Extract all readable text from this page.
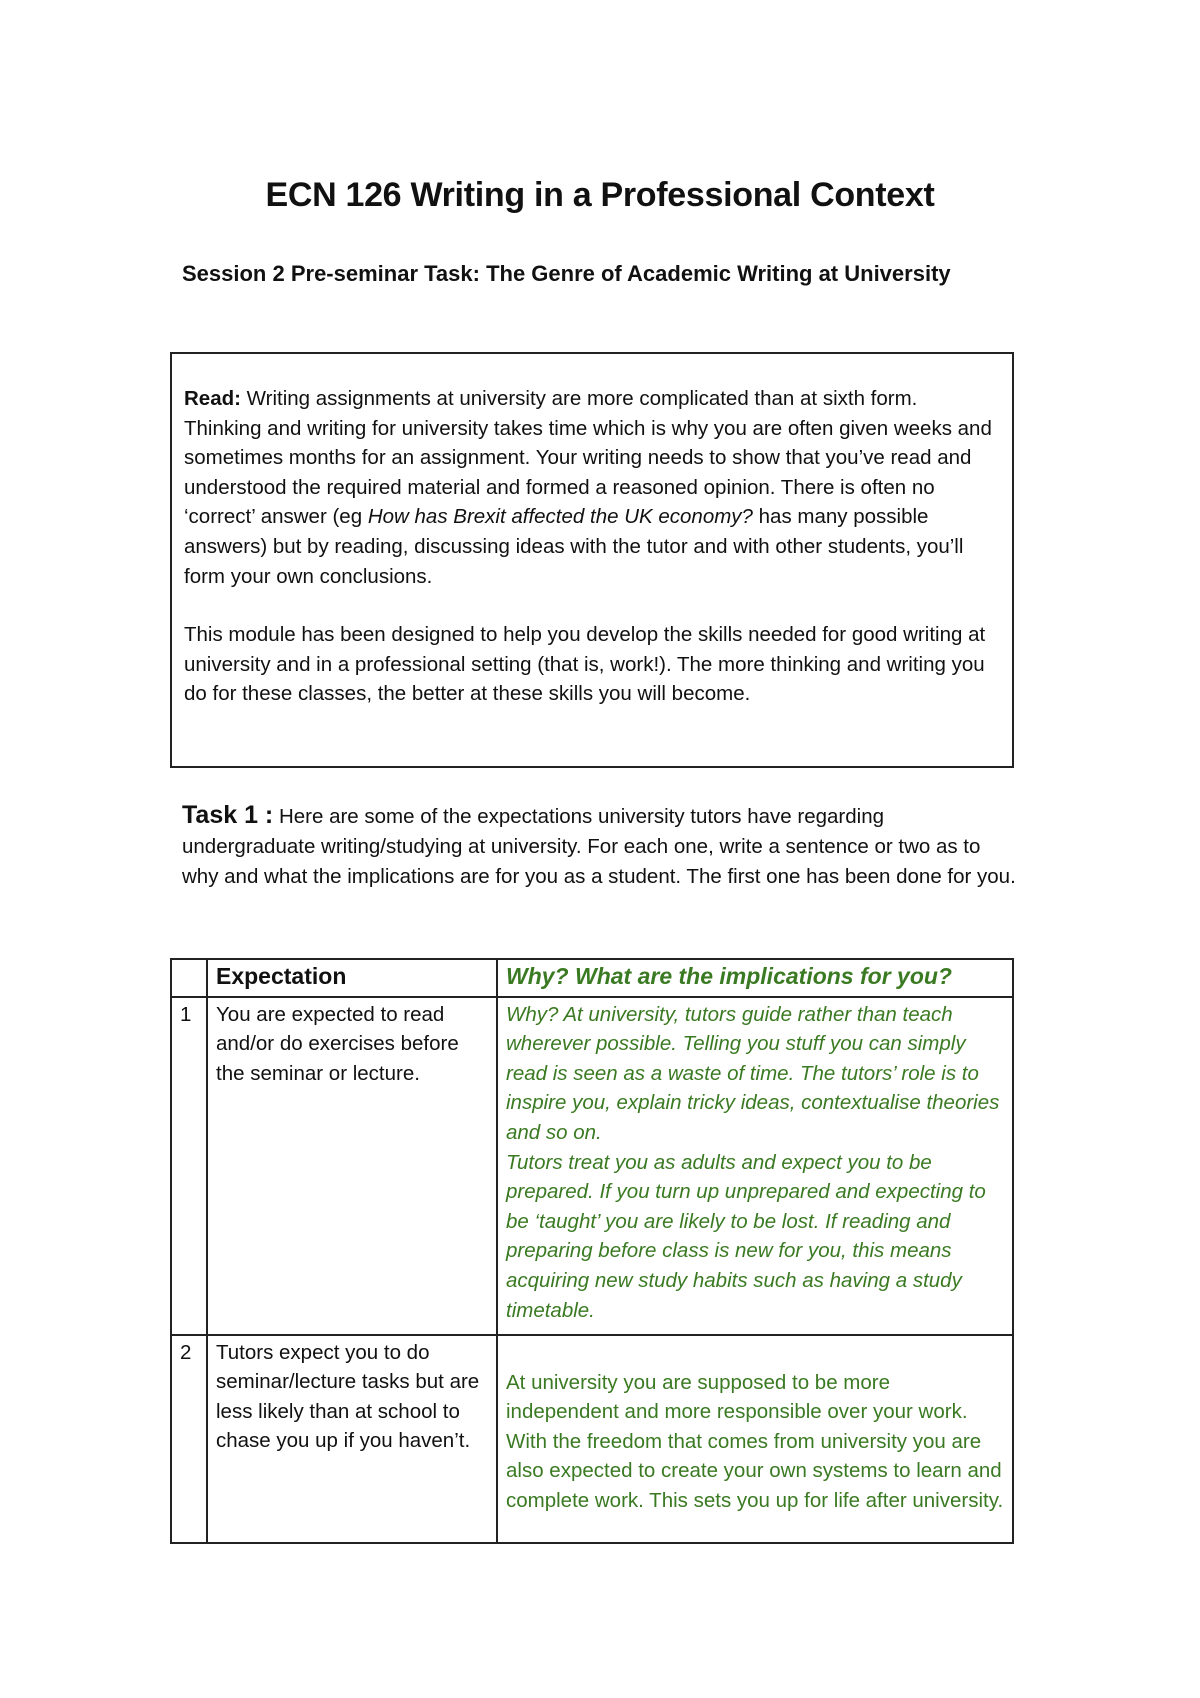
ECN 126 Writing in a Professional Context
Session 2 Pre-seminar Task: The Genre of Academic Writing at University

Read: Writing assignments at university are more complicated than at sixth form. Thinking and writing for university takes time which is why you are often given weeks and sometimes months for an assignment. Your writing needs to show that you’ve read and understood the required material and formed a reasoned opinion. There is often no ‘correct’ answer (eg How has Brexit affected the UK economy? has many possible answers) but by reading, discussing ideas with the tutor and with other students, you’ll form your own conclusions.

This module has been designed to help you develop the skills needed for good writing at university and in a professional setting (that is, work!). The more thinking and writing you do for these classes, the better at these skills you will become.

Task 1 : Here are some of the expectations university tutors have regarding undergraduate writing/studying at university. For each one, write a sentence or two as to why and what the implications are for you as a student. The first one has been done for you.

	Expectation	Why? What are the implications for you?
1	You are expected to read and/or do exercises before the seminar or lecture.	Why? At university, tutors guide rather than teach wherever possible. Telling you stuff you can simply read is seen as a waste of time. The tutors’ role is to inspire you, explain tricky ideas, contextualise theories and so on.
Tutors treat you as adults and expect you to be prepared. If you turn up unprepared and expecting to be ‘taught’ you are likely to be lost. If reading and preparing before class is new for you, this means acquiring new study habits such as having a study timetable.

2	Tutors expect you to do seminar/lecture tasks but are less likely than at school to chase you up if you haven’t.	At university you are supposed to be more independent and more responsible over your work. With the freedom that comes from university you are also expected to create your own systems to learn and complete work. This sets you up for life after university.
